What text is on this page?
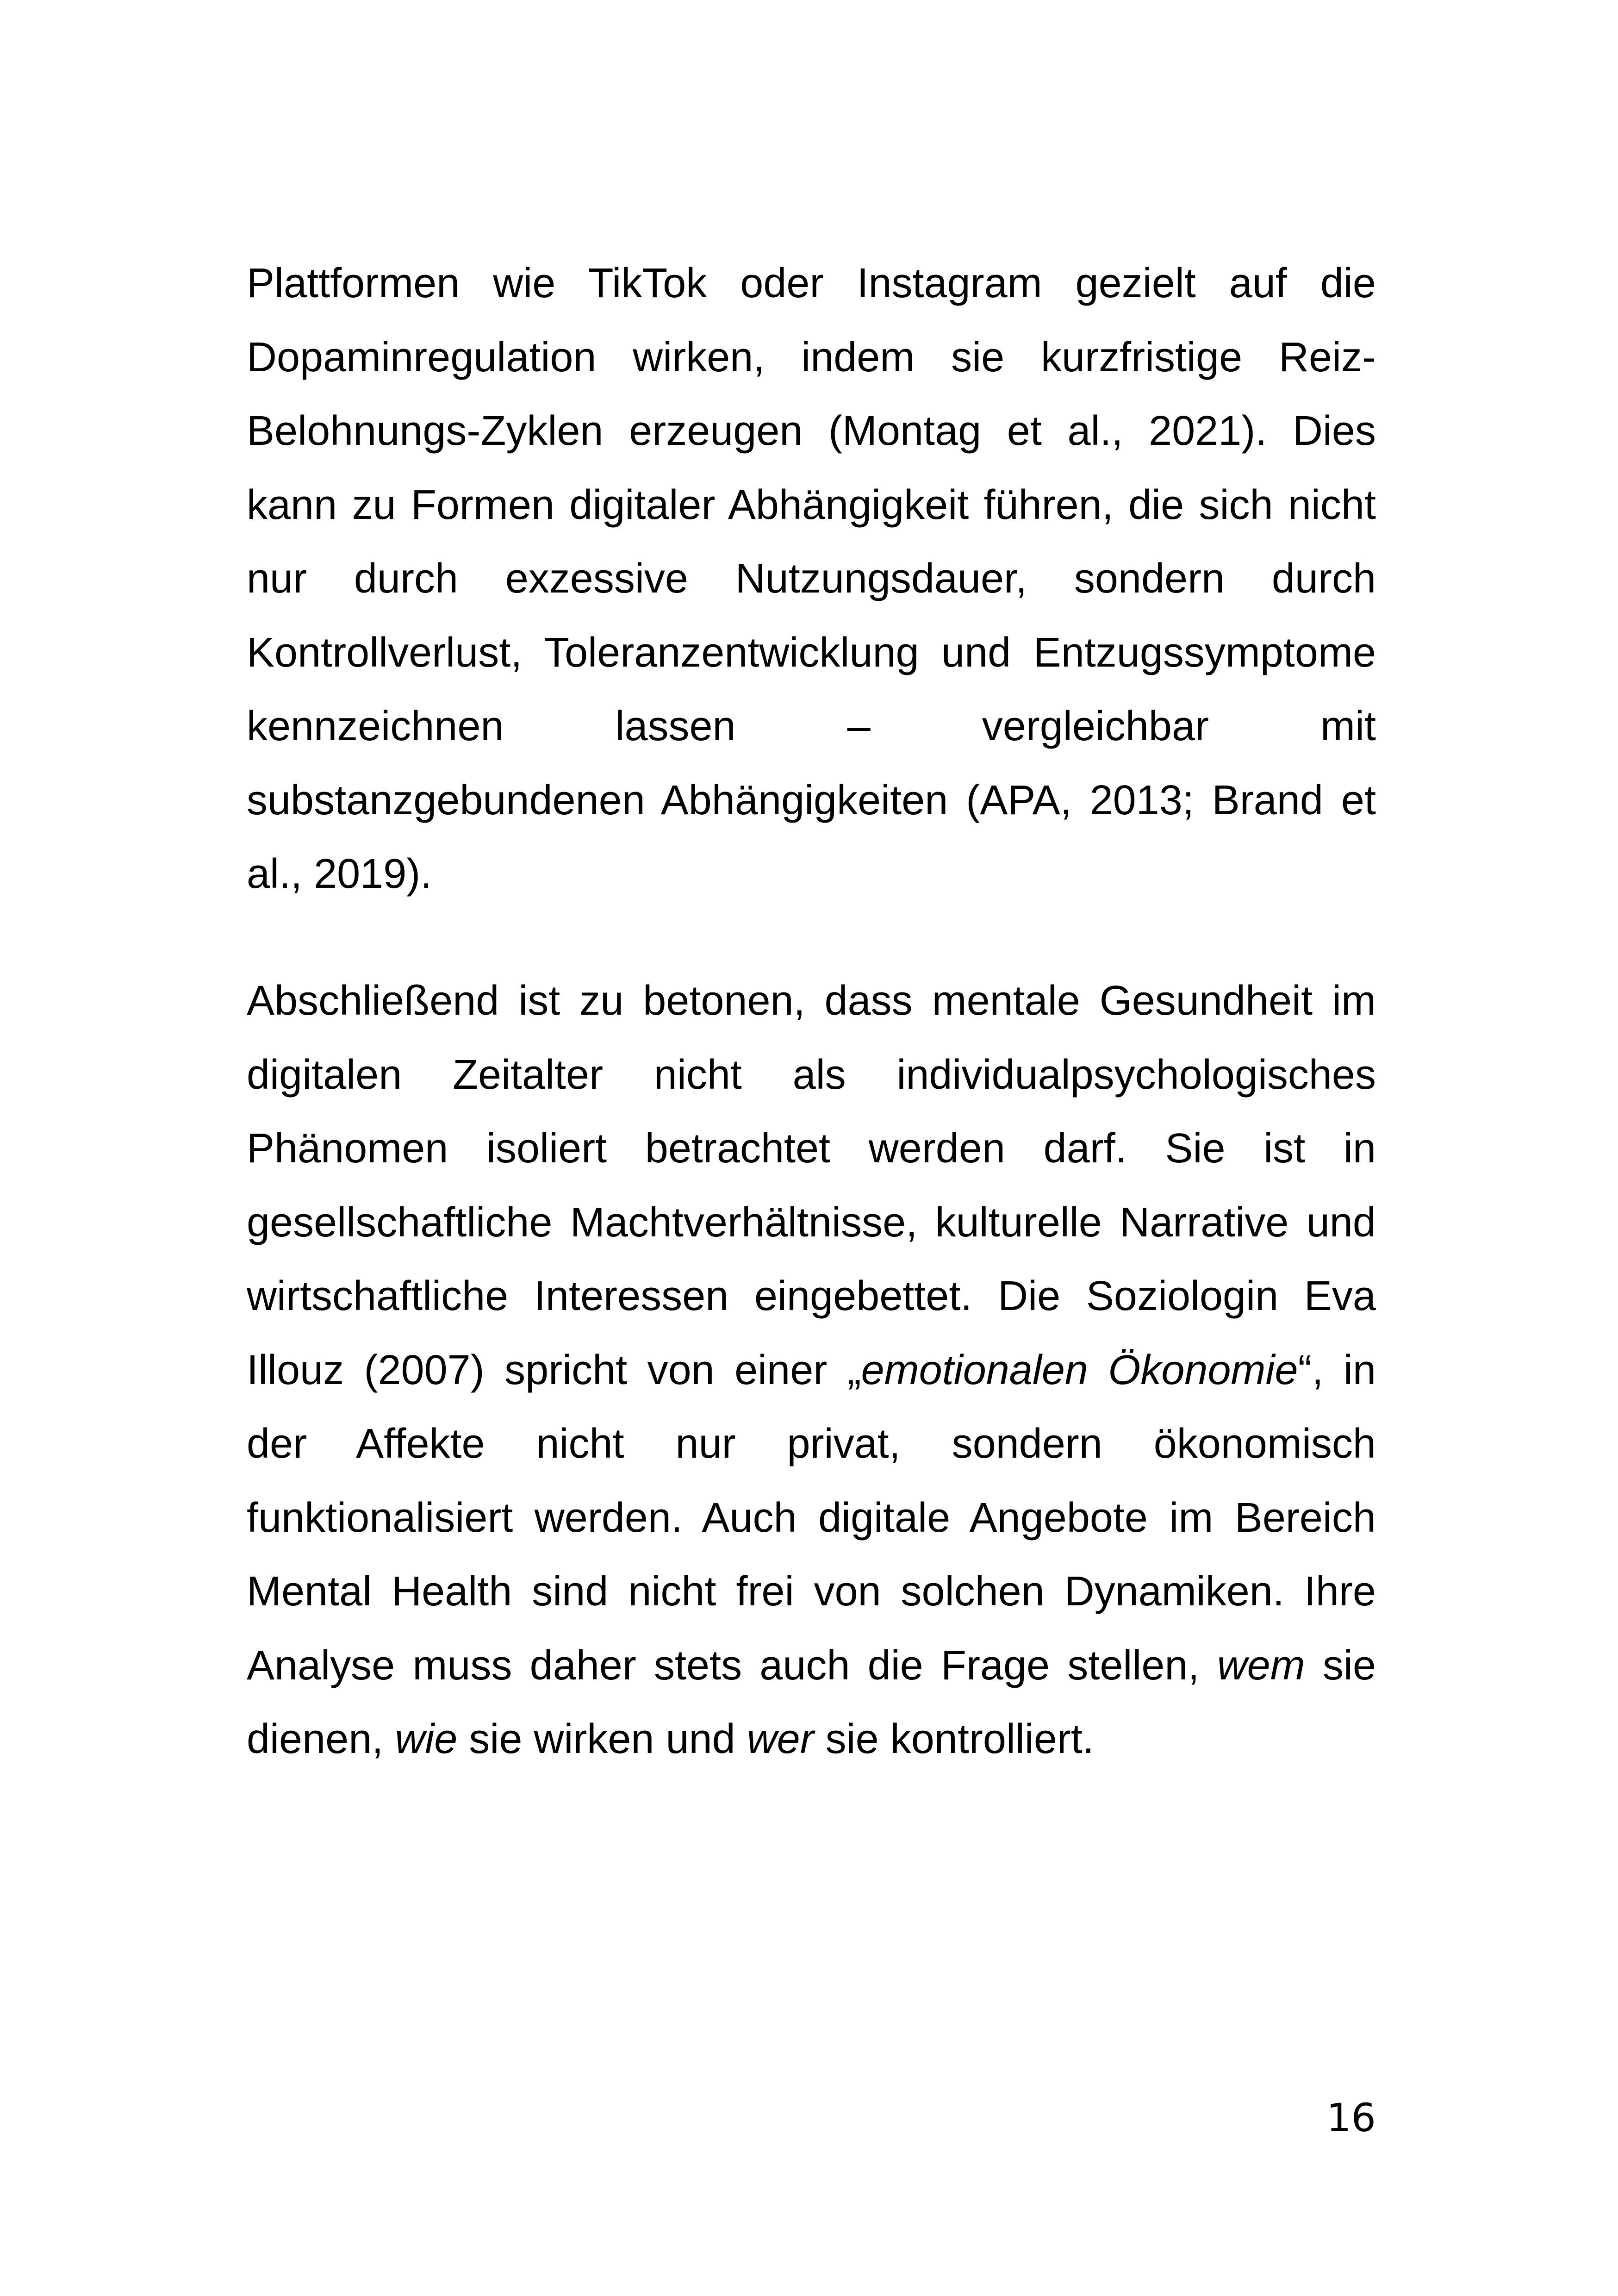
Plattformen wie TikTok oder Instagram gezielt auf die
Dopaminregulation wirken, indem sie kurzfristige Reiz-
Belohnungs-Zyklen erzeugen (Montag et al., 2021). Dies
kann zu Formen digitaler Abhängigkeit führen, die sich nicht
nur durch exzessive Nutzungsdauer, sondern durch
Kontrollverlust, Toleranzentwicklung und Entzugssymptome
kennzeichnen lassen – vergleichbar mit
substanzgebundenen Abhängigkeiten (APA, 2013; Brand et
al., 2019).
Abschließend ist zu betonen, dass mentale Gesundheit im
digitalen Zeitalter nicht als individualpsychologisches
Phänomen isoliert betrachtet werden darf. Sie ist in
gesellschaftliche Machtverhältnisse, kulturelle Narrative und
wirtschaftliche Interessen eingebettet. Die Soziologin Eva
Illouz (2007) spricht von einer „emotionalen Ökonomie“, in
der Affekte nicht nur privat, sondern ökonomisch
funktionalisiert werden. Auch digitale Angebote im Bereich
Mental Health sind nicht frei von solchen Dynamiken. Ihre
Analyse muss daher stets auch die Frage stellen, wem sie
dienen, wie sie wirken und wer sie kontrolliert.
16
